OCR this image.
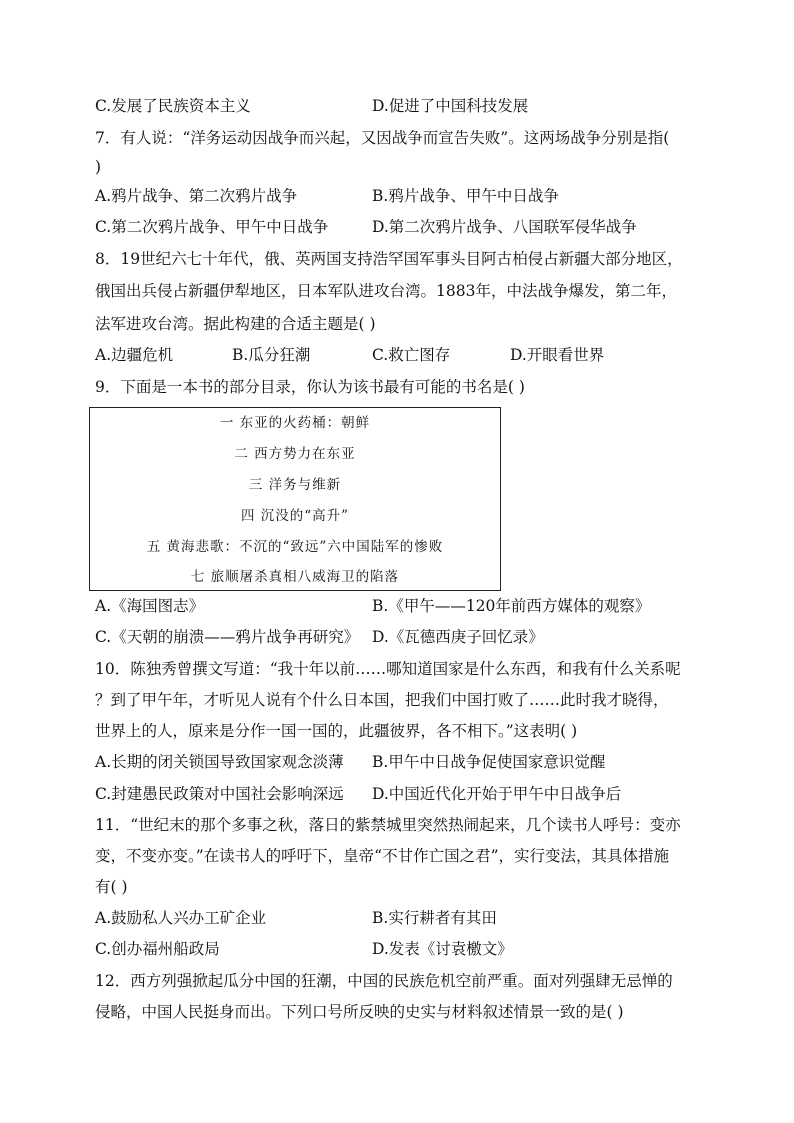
C.发展了民族资本主义	D.促进了中国科技发展
7．有人说：“洋务运动因战争而兴起，又因战争而宣告失败”。这两场战争分别是指(
)
A.鸦片战争、第二次鸦片战争	B.鸦片战争、甲午中日战争
C.第二次鸦片战争、甲午中日战争	D.第二次鸦片战争、八国联军侵华战争
8．19世纪六七十年代，俄、英两国支持浩罕国军事头目阿古柏侵占新疆大部分地区，
俄国出兵侵占新疆伊犁地区，日本军队进攻台湾。1883年，中法战争爆发，第二年，
法军进攻台湾。据此构建的合适主题是( )
A.边疆危机	B.瓜分狂潮	C.救亡图存	D.开眼看世界
9．下面是一本书的部分目录，你认为该书最有可能的书名是( )
一 东亚的火药桶：朝鲜
二 西方势力在东亚
三 洋务与维新
四 沉没的“高升”
五 黄海悲歌：不沉的“致远”六中国陆军的惨败
七 旅顺屠杀真相八威海卫的陷落
A.《海国图志》	B.《甲午——120年前西方媒体的观察》
C.《天朝的崩溃——鸦片战争再研究》 D.《瓦德西庚子回忆录》
10．陈独秀曾撰文写道：“我十年以前……哪知道国家是什么东西，和我有什么关系呢
？到了甲午年，才听见人说有个什么日本国，把我们中国打败了……此时我才晓得，
世界上的人，原来是分作一国一国的，此疆彼界，各不相下。”这表明( )
A.长期的闭关锁国导致国家观念淡薄 B.甲午中日战争促使国家意识觉醒
C.封建愚民政策对中国社会影响深远 D.中国近代化开始于甲午中日战争后
11．“世纪末的那个多事之秋，落日的紫禁城里突然热闹起来，几个读书人呼号：变亦
变，不变亦变。”在读书人的呼吁下，皇帝“不甘作亡国之君”，实行变法，其具体措施
有( )
A.鼓励私人兴办工矿企业	B.实行耕者有其田
C.创办福州船政局	D.发表《讨袁檄文》
12．西方列强掀起瓜分中国的狂潮，中国的民族危机空前严重。面对列强肆无忌惮的
侵略，中国人民挺身而出。下列口号所反映的史实与材料叙述情景一致的是( )
